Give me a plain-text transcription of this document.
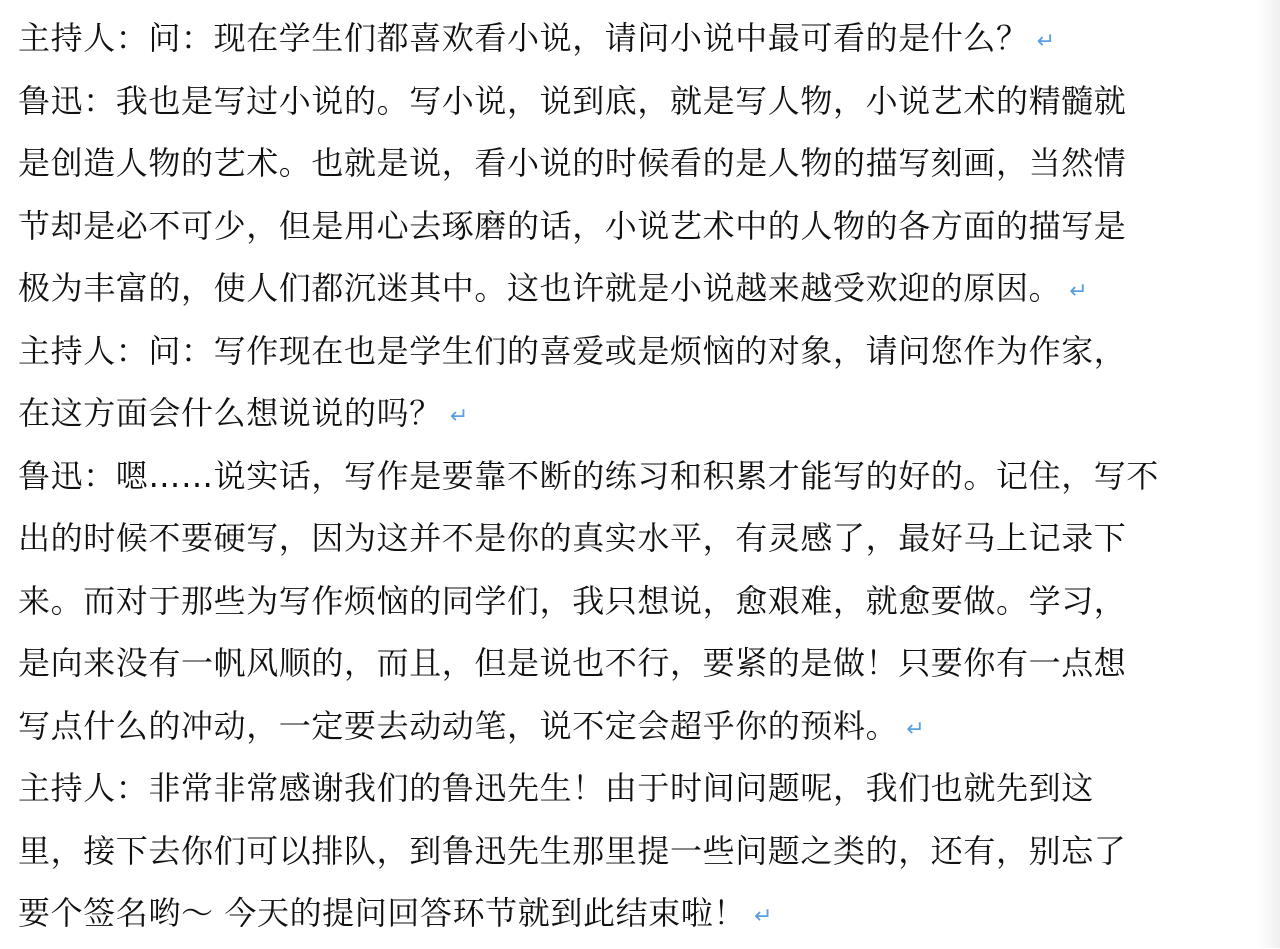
主持人：问：现在学生们都喜欢看小说，请问小说中最可看的是什么？ ↵
鲁迅：我也是写过小说的。写小说，说到底，就是写人物，小说艺术的精髓就
是创造人物的艺术。也就是说，看小说的时候看的是人物的描写刻画，当然情
节却是必不可少，但是用心去琢磨的话，小说艺术中的人物的各方面的描写是
极为丰富的，使人们都沉迷其中。这也许就是小说越来越受欢迎的原因。 ↵
主持人：问：写作现在也是学生们的喜爱或是烦恼的对象，请问您作为作家，
在这方面会什么想说说的吗？ ↵
鲁迅：嗯……说实话，写作是要靠不断的练习和积累才能写的好的。记住，写不
出的时候不要硬写，因为这并不是你的真实水平，有灵感了，最好马上记录下
来。而对于那些为写作烦恼的同学们，我只想说，愈艰难，就愈要做。学习，
是向来没有一帆风顺的，而且，但是说也不行，要紧的是做！只要你有一点想
写点什么的冲动，一定要去动动笔，说不定会超乎你的预料。 ↵
主持人：非常非常感谢我们的鲁迅先生！由于时间问题呢，我们也就先到这
里，接下去你们可以排队，到鲁迅先生那里提一些问题之类的，还有，别忘了
要个签名哟～ 今天的提问回答环节就到此结束啦！ ↵
